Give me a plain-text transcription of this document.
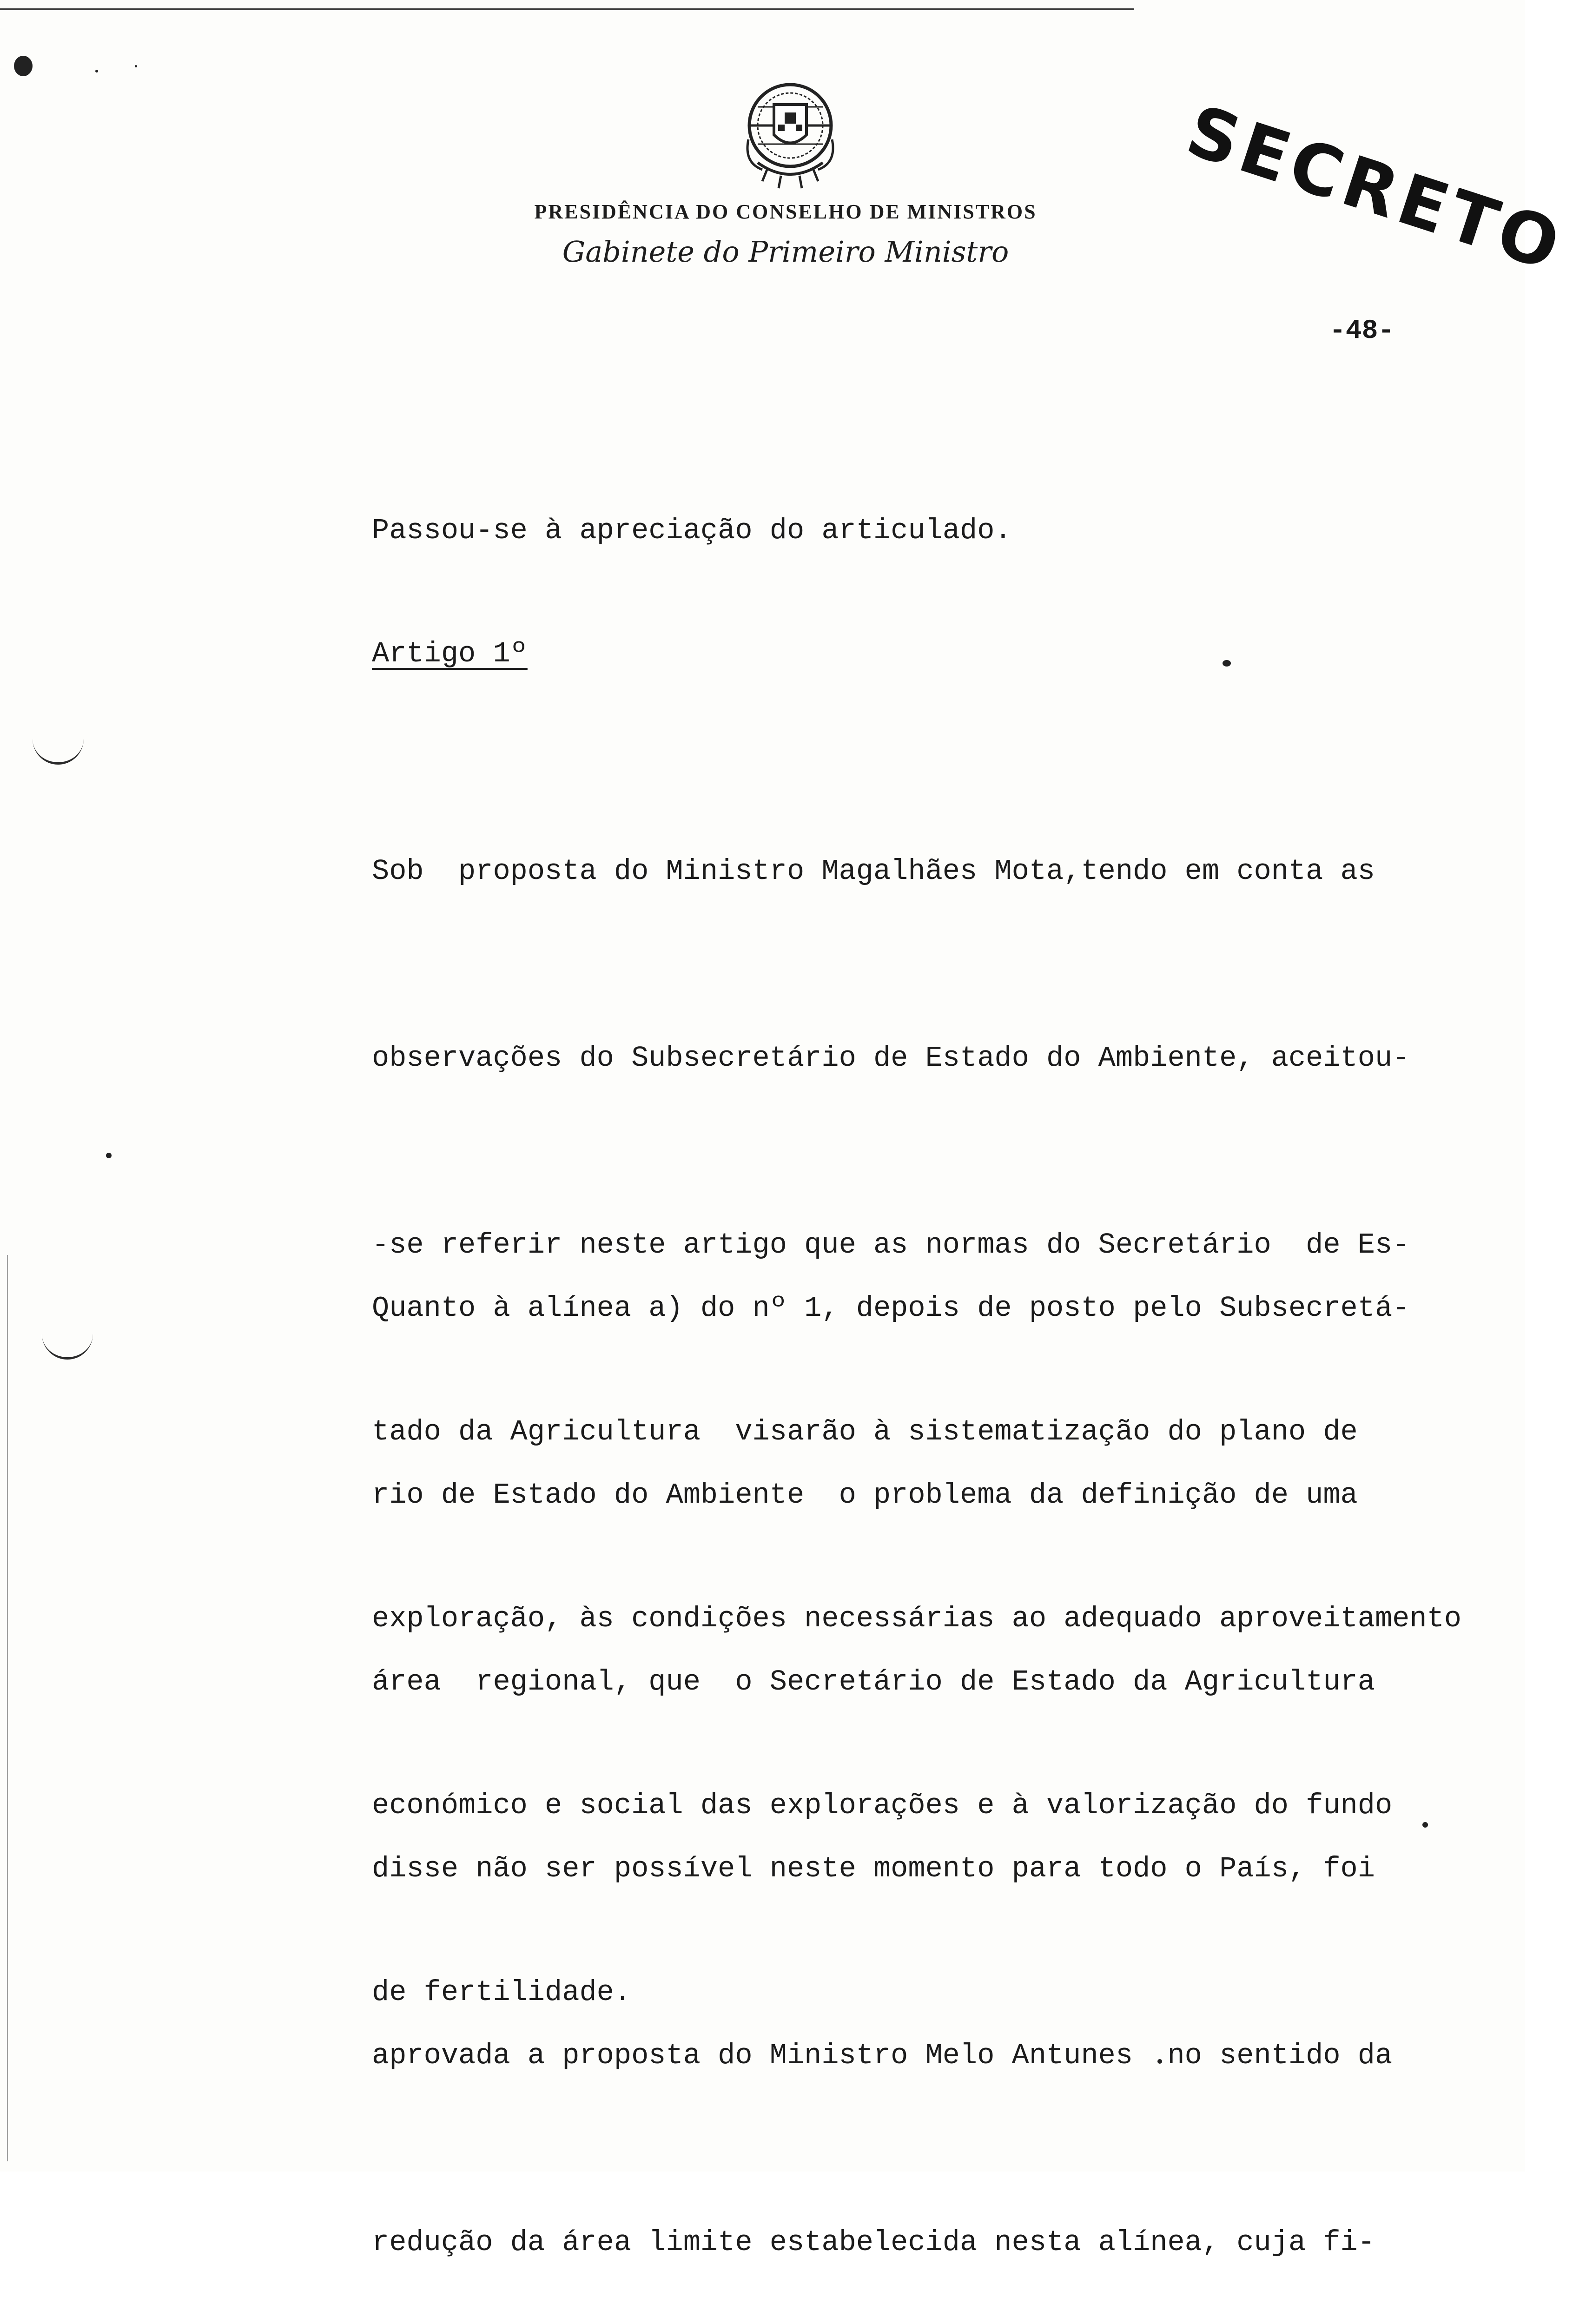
PRESIDÊNCIA DO CONSELHO DE MINISTROS
Gabinete do Primeiro Ministro	SECRETO
-48-
Passou-se à apreciação do articulado.
Artigo 1º

Sob  proposta do Ministro Magalhães Mota,tendo em conta as

observações do Subsecretário de Estado do Ambiente, aceitou-

-se referir neste artigo que as normas do Secretário  de Es-

tado da Agricultura  visarão à sistematização do plano de

exploração, às condições necessárias ao adequado aproveitamento

económico e social das explorações e à valorização do fundo

de fertilidade.

Quanto à alínea a) do nº 1, depois de posto pelo Subsecretá-

rio de Estado do Ambiente  o problema da definição de uma

área  regional, que  o Secretário de Estado da Agricultura

disse não ser possível neste momento para todo o País, foi

aprovada a proposta do Ministro Melo Antunes  no sentido da

redução da área limite estabelecida nesta alínea, cuja fi-
